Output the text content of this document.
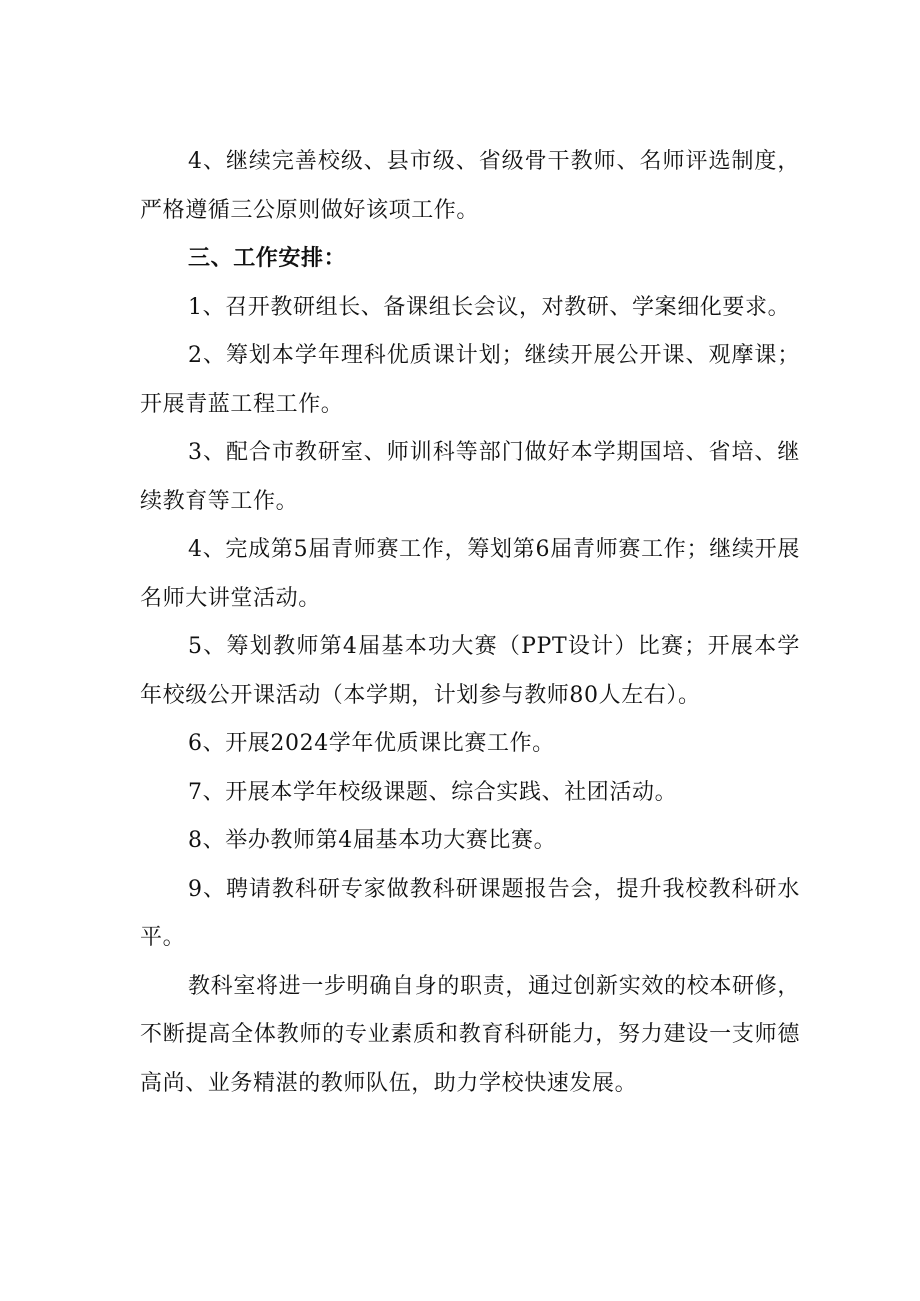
4、继续完善校级、县市级、省级骨干教师、名师评选制度，严格遵循三公原则做好该项工作。

三、工作安排：

1、召开教研组长、备课组长会议，对教研、学案细化要求。

2、筹划本学年理科优质课计划；继续开展公开课、观摩课；开展青蓝工程工作。

3、配合市教研室、师训科等部门做好本学期国培、省培、继续教育等工作。

4、完成第5届青师赛工作，筹划第6届青师赛工作；继续开展名师大讲堂活动。

5、筹划教师第4届基本功大赛（PPT设计）比赛；开展本学年校级公开课活动（本学期，计划参与教师80人左右）。

6、开展2024学年优质课比赛工作。

7、开展本学年校级课题、综合实践、社团活动。

8、举办教师第4届基本功大赛比赛。

9、聘请教科研专家做教科研课题报告会，提升我校教科研水平。

教科室将进一步明确自身的职责，通过创新实效的校本研修，不断提高全体教师的专业素质和教育科研能力，努力建设一支师德高尚、业务精湛的教师队伍，助力学校快速发展。
